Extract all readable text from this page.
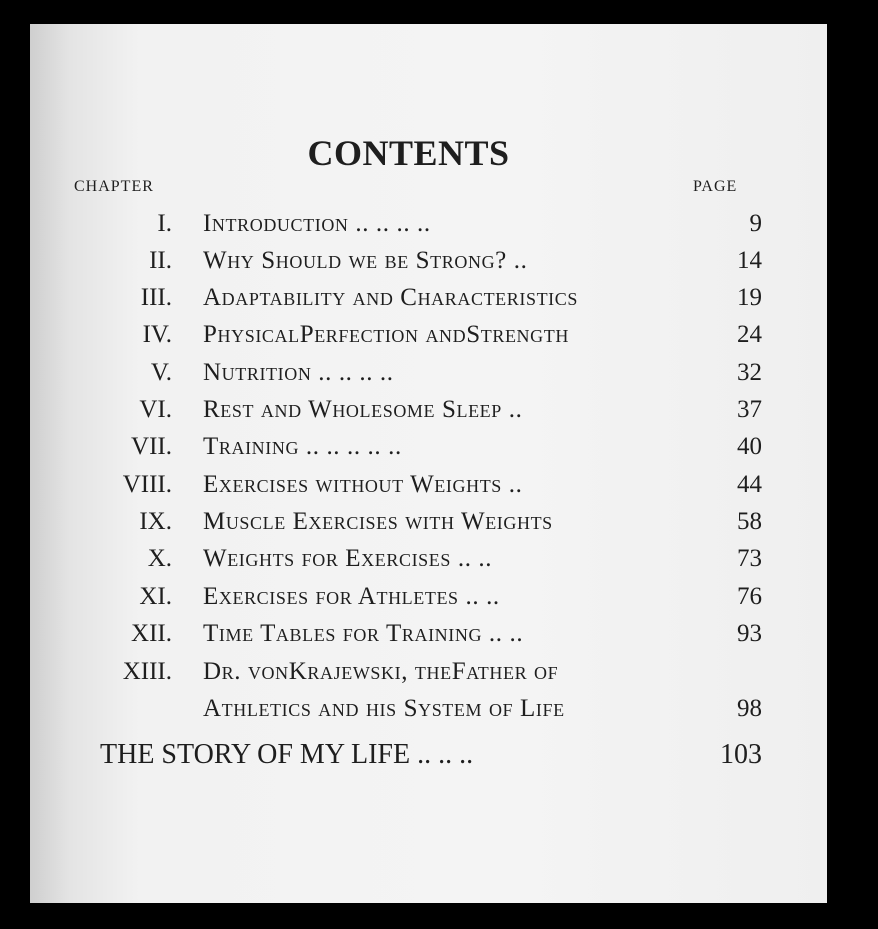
CONTENTS
CHAPTER	PAGE
I. Introduction .. .. .. ..	9
II. Why Should we be Strong? ..	14
III. Adaptability and Characteristics	19
IV. PhysicalPerfection andStrength	24
V. Nutrition .. .. .. ..	32
VI. Rest and Wholesome Sleep ..	37
VII. Training .. .. .. .. ..	40
VIII. Exercises without Weights ..	44
IX. Muscle Exercises with Weights	58
X. Weights for Exercises .. ..	73
XI. Exercises for Athletes .. ..	76
XII. Time Tables for Training .. ..	93
XIII. Dr. vonKrajewski, theFather of
Athletics and his System of Life	98
THE STORY OF MY LIFE .. .. ..	103
